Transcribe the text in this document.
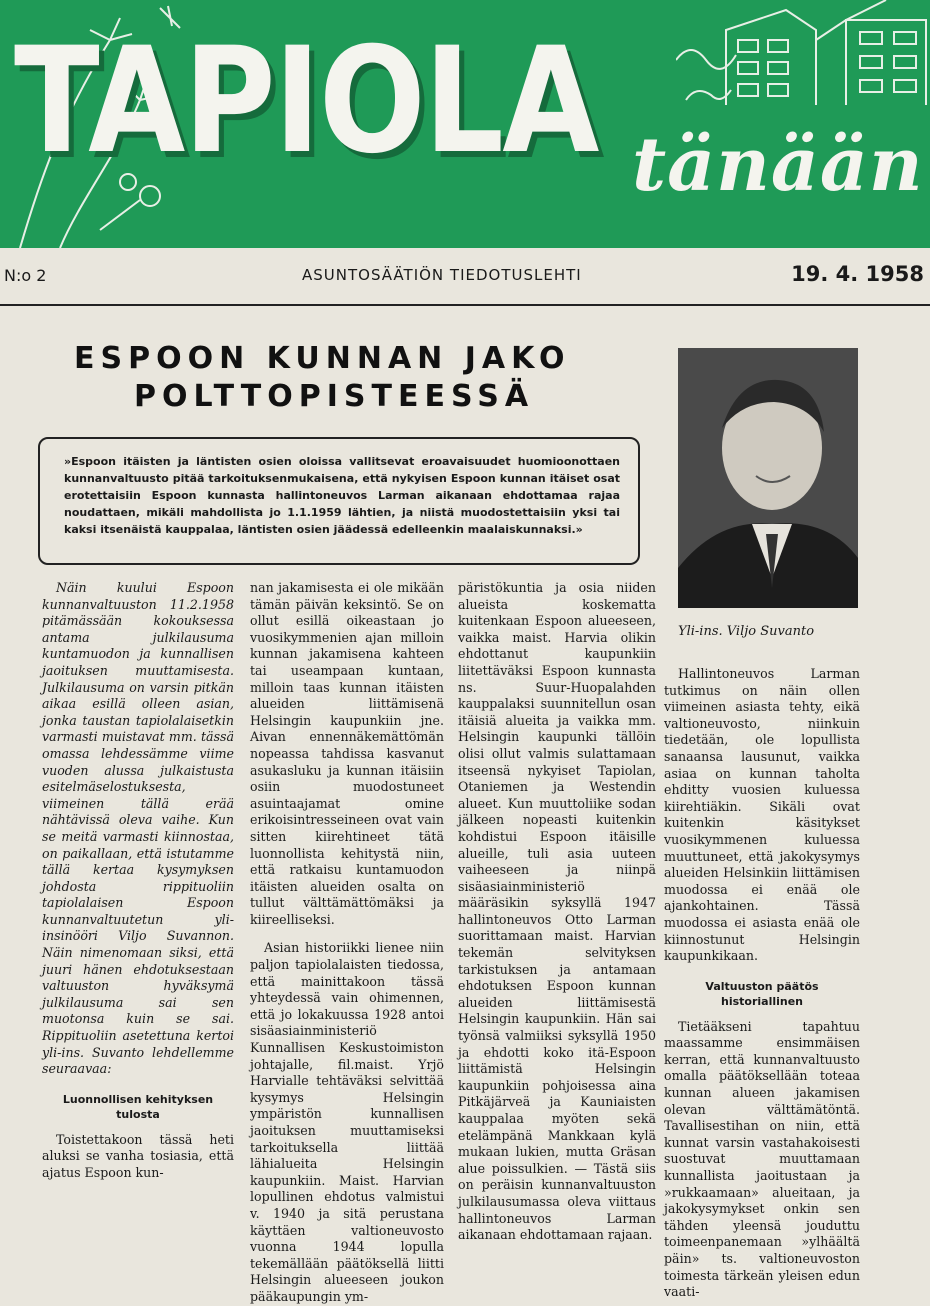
TAPIOLA tänään
N:o 2	ASUNTOSÄÄTIÖN TIEDOTUSLEHTI	19. 4. 1958
ESPOON KUNNAN JAKO
POLTTOPISTEESSÄ
Yli-ins. Viljo Suvanto

»Espoon itäisten ja läntisten osien oloissa vallitsevat eroavaisuudet huomioonottaen kunnanvaltuusto pitää tarkoituksenmukaisena, että nykyisen Espoon kunnan itäiset osat erotettaisiin Espoon kunnasta hallintoneuvos Larman aikanaan ehdottamaa rajaa noudattaen, mikäli mahdollista jo 1.1.1959 lähtien, ja niistä muodostettaisiin yksi tai kaksi itsenäistä kauppalaa, läntisten osien jäädessä edelleenkin maalaiskunnaksi.»

Näin kuului Espoon kunnanvaltuuston 11.2.1958 pitämässään kokouksessa antama julkilausuma kuntamuodon ja kunnallisen jaoituksen muuttamisesta. Julkilausuma on varsin pitkän aikaa esillä olleen asian, jonka taustan tapiolalaisetkin varmasti muistavat mm. tässä omassa lehdessämme viime vuoden alussa julkaistusta esitelmäselostuksesta, viimeinen tällä erää nähtävissä oleva vaihe. Kun se meitä varmasti kiinnostaa, on paikallaan, että istutamme tällä kertaa kysymyksen johdosta rippituoliin tapiolalaisen Espoon kunnanvaltuutetun yli-insinööri Viljo Suvannon. Näin nimenomaan siksi, että juuri hänen ehdotuksestaan valtuuston hyväksymä julkilausuma sai sen muotonsa kuin se sai. Rippituoliin asetettuna kertoi yli-ins. Suvanto lehdellemme seuraavaa:

Luonnollisen kehityksen tulosta

Toistettakoon tässä heti aluksi se vanha tosiasia, että ajatus Espoon kun-

nan jakamisesta ei ole mikään tämän päivän keksintö. Se on ollut esillä oikeastaan jo vuosikymmenien ajan milloin kunnan jakamisena kahteen tai useampaan kuntaan, milloin taas kunnan itäisten alueiden liittämisenä Helsingin kaupunkiin jne. Aivan ennennäkemättömän nopeassa tahdissa kasvanut asukasluku ja kunnan itäisiin osiin muodostuneet asuintaajamat omine erikoisintresseineen ovat vain sitten kiirehtineet tätä luonnollista kehitystä niin, että ratkaisu kuntamuodon itäisten alueiden osalta on tullut välttämättömäksi ja kiireelliseksi.

Asian historiikki lienee niin paljon tapiolalaisten tiedossa, että mainittakoon tässä yhteydessä vain ohimennen, että jo lokakuussa 1928 antoi sisäasiainministeriö Kunnallisen Keskustoimiston johtajalle, fil.maist. Yrjö Harvialle tehtäväksi selvittää kysymys Helsingin ympäristön kunnallisen jaoituksen muuttamiseksi tarkoituksella liittää lähialueita Helsingin kaupunkiin. Maist. Harvian lopullinen ehdotus valmistui v. 1940 ja sitä perustana käyttäen valtioneuvosto vuonna 1944 lopulla tekemällään päätöksellä liitti Helsingin alueeseen joukon pääkaupungin ym-

päristökuntia ja osia niiden alueista koskematta kuitenkaan Espoon alueeseen, vaikka maist. Harvia olikin ehdottanut kaupunkiin liitettäväksi Espoon kunnasta ns. Suur-Huopalahden kauppalaksi suunnitellun osan itäisiä alueita ja vaikka mm. Helsingin kaupunki tällöin olisi ollut valmis sulattamaan itseensä nykyiset Tapiolan, Otaniemen ja Westendin alueet. Kun muuttoliike sodan jälkeen nopeasti kuitenkin kohdistui Espoon itäisille alueille, tuli asia uuteen vaiheeseen ja niinpä sisäasiainministeriö määräsikin syksyllä 1947 hallintoneuvos Otto Larman suorittamaan maist. Harvian tekemän selvityksen tarkistuksen ja antamaan ehdotuksen Espoon kunnan alueiden liittämisestä Helsingin kaupunkiin. Hän sai työnsä valmiiksi syksyllä 1950 ja ehdotti koko itä-Espoon liittämistä Helsingin kaupunkiin pohjoisessa aina Pitkäjärveä ja Kauniaisten kauppalaa myöten sekä etelämpänä Mankkaan kylä mukaan lukien, mutta Gräsan alue poissulkien. — Tästä siis on peräisin kunnanvaltuuston julkilausumassa oleva viittaus hallintoneuvos Larman aikanaan ehdottamaan rajaan.

Hallintoneuvos Larman tutkimus on näin ollen viimeinen asiasta tehty, eikä valtioneuvosto, niinkuin tiedetään, ole lopullista sanaansa lausunut, vaikka asiaa on kunnan taholta ehditty vuosien kuluessa kiirehtiäkin. Sikäli ovat kuitenkin käsitykset vuosikymmenen kuluessa muuttuneet, että jakokysymys alueiden Helsinkiin liittämisen muodossa ei enää ole ajankohtainen. Tässä muodossa ei asiasta enää ole kiinnostunut Helsingin kaupunkikaan.

Valtuuston päätös historiallinen

Tietääkseni tapahtuu maassamme ensimmäisen kerran, että kunnanvaltuusto omalla päätöksellään toteaa kunnan alueen jakamisen olevan välttämätöntä. Tavallisestihan on niin, että kunnat varsin vastahakoisesti suostuvat muuttamaan kunnallista jaoitustaan ja »rukkaamaan» alueitaan, ja jakokysymykset onkin sen tähden yleensä jouduttu toimeenpanemaan »ylhäältä päin» ts. valtioneuvoston toimesta tärkeän yleisen edun vaati-
